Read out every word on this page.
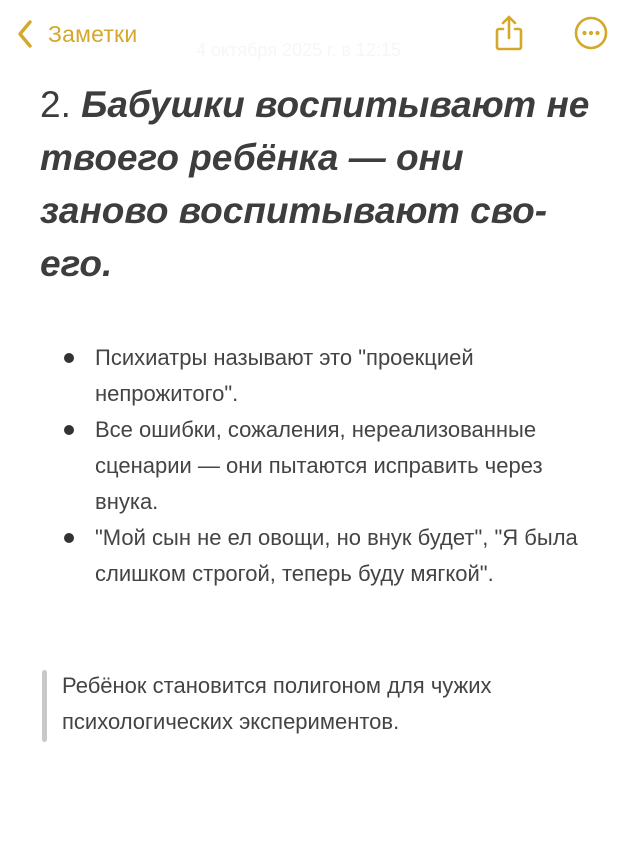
Заметки
4 октября 2025 г. в 12:15
2. Бабушки воспитывают не твоего ребёнка — они заново воспитывают своего.
Психиатры называют это "проекцией непрожитого".
Все ошибки, сожаления, нереализованные сценарии — они пытаются исправить через внука.
"Мой сын не ел овощи, но внук будет", "Я была слишком строгой, теперь буду мягкой".

Ребёнок становится полигоном для чужих психологических экспериментов.
